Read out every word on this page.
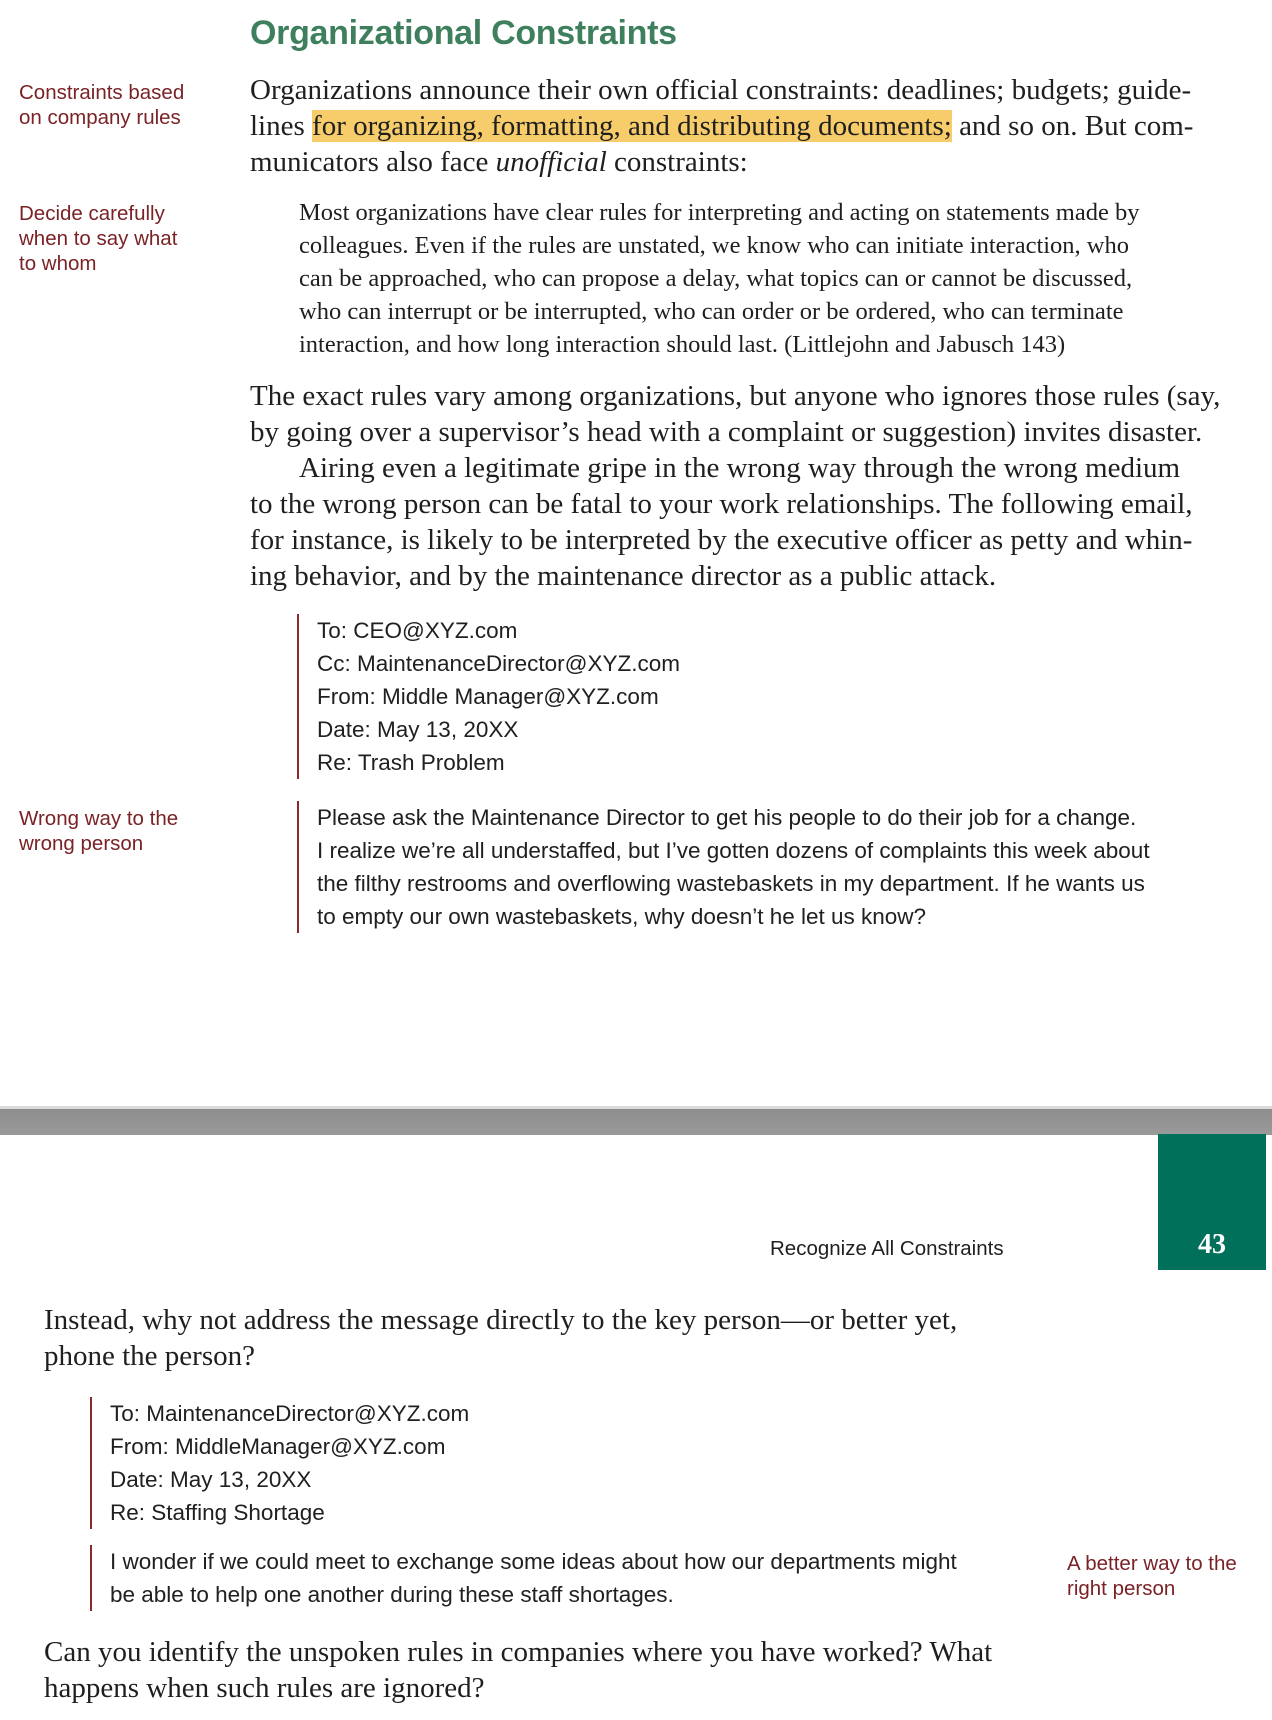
Organizational Constraints
Constraints based
on company rules

Organizations announce their own official constraints: deadlines; budgets; guide-

lines for organizing, formatting, and distributing documents; and so on. But com-

municators also face unofficial constraints:

Decide carefully
when to say what
to whom

Most organizations have clear rules for interpreting and acting on statements made by

colleagues. Even if the rules are unstated, we know who can initiate interaction, who

can be approached, who can propose a delay, what topics can or cannot be discussed,

who can interrupt or be interrupted, who can order or be ordered, who can terminate

interaction, and how long interaction should last. (Littlejohn and Jabusch 143)

The exact rules vary among organizations, but anyone who ignores those rules (say,

by going over a supervisor’s head with a complaint or suggestion) invites disaster.

Airing even a legitimate gripe in the wrong way through the wrong medium

to the wrong person can be fatal to your work relationships. The following email,

for instance, is likely to be interpreted by the executive officer as petty and whin-

ing behavior, and by the maintenance director as a public attack.

To: CEO@XYZ.com
Cc: MaintenanceDirector@XYZ.com
From: Middle Manager@XYZ.com
Date: May 13, 20XX
Re: Trash Problem
Wrong way to the
wrong person
Please ask the Maintenance Director to get his people to do their job for a change.
I realize we’re all understaffed, but I’ve gotten dozens of complaints this week about
the filthy restrooms and overflowing wastebaskets in my department. If he wants us
to empty our own wastebaskets, why doesn’t he let us know?
43
Recognize All Constraints

Instead, why not address the message directly to the key person—or better yet,

phone the person?

To: MaintenanceDirector@XYZ.com
From: MiddleManager@XYZ.com
Date: May 13, 20XX
Re: Staffing Shortage
I wonder if we could meet to exchange some ideas about how our departments might
be able to help one another during these staff shortages.
A better way to the
right person

Can you identify the unspoken rules in companies where you have worked? What

happens when such rules are ignored?
